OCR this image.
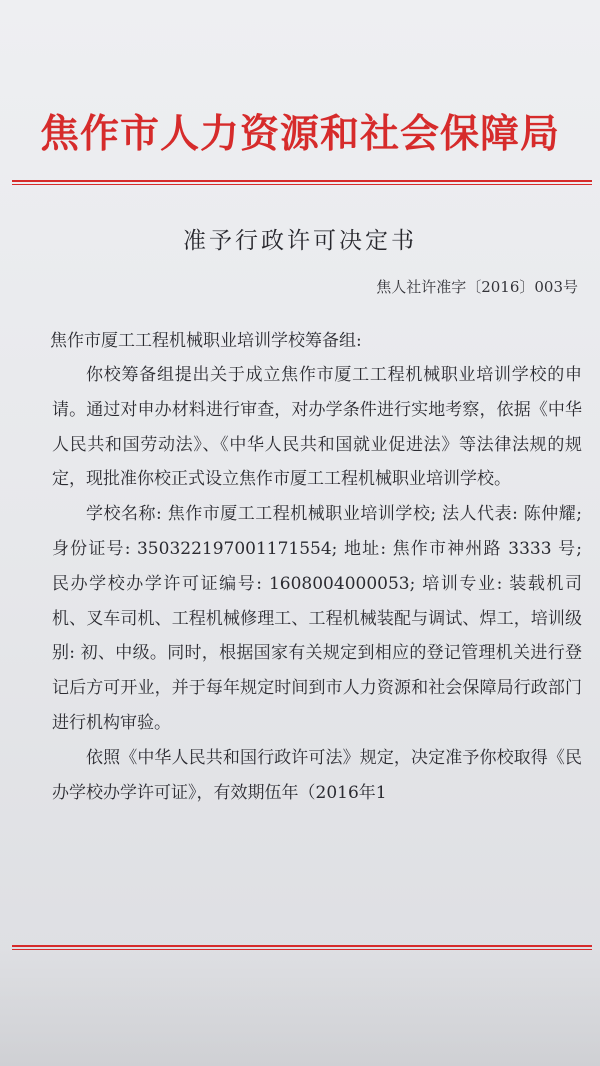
焦作市人力资源和社会保障局
准予行政许可决定书
焦人社许准字〔2016〕003号
焦作市厦工工程机械职业培训学校筹备组:

你校筹备组提出关于成立焦作市厦工工程机械职业培训学校的申请。通过对申办材料进行审查，对办学条件进行实地考察，依据《中华人民共和国劳动法》、《中华人民共和国就业促进法》等法律法规的规定，现批准你校正式设立焦作市厦工工程机械职业培训学校。

学校名称: 焦作市厦工工程机械职业培训学校; 法人代表: 陈仲耀; 身份证号: 350322197001171554; 地址: 焦作市神州路 3333 号; 民办学校办学许可证编号: 1608004000053; 培训专业: 装载机司机、叉车司机、工程机械修理工、工程机械装配与调试、焊工，培训级别: 初、中级。同时，根据国家有关规定到相应的登记管理机关进行登记后方可开业，并于每年规定时间到市人力资源和社会保障局行政部门进行机构审验。

依照《中华人民共和国行政许可法》规定，决定准予你校取得《民办学校办学许可证》，有效期伍年（2016年1
